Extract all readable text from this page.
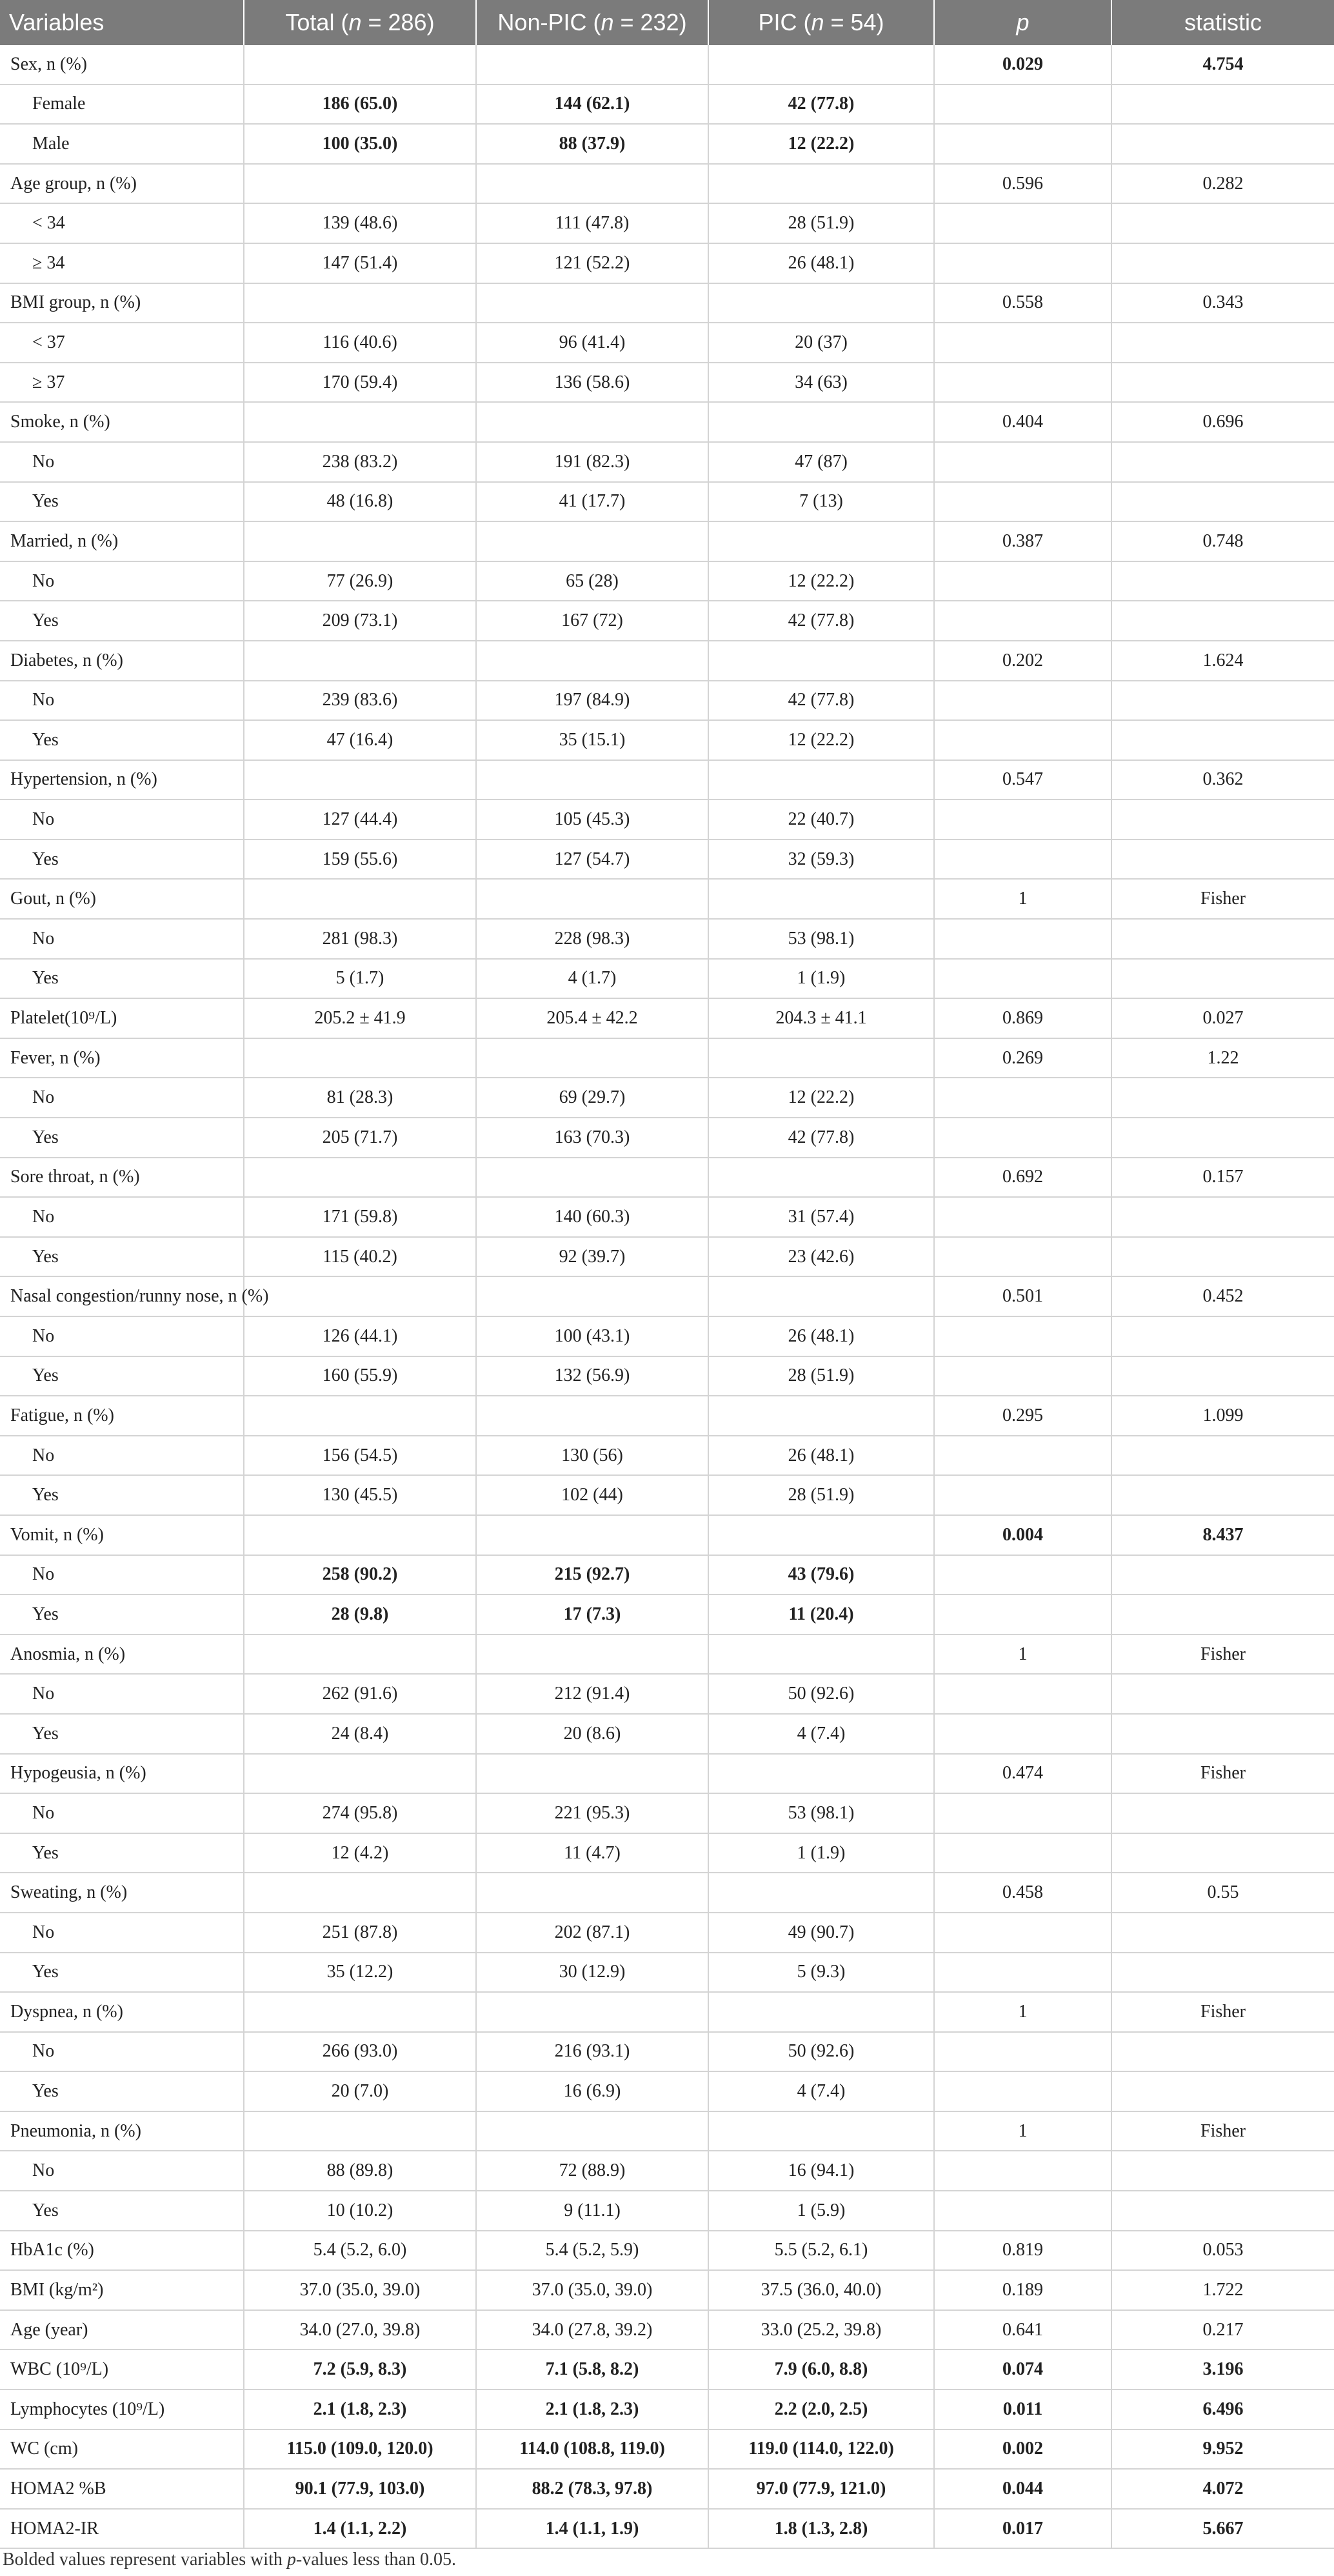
Variables	Total (n = 286)	Non-PIC (n = 232)	PIC (n = 54)	p	statistic
Sex, n (%)				0.029	4.754
Female	186 (65.0)	144 (62.1)	42 (77.8)		
Male	100 (35.0)	88 (37.9)	12 (22.2)		
Age group, n (%)				0.596	0.282
< 34	139 (48.6)	111 (47.8)	28 (51.9)		
≥ 34	147 (51.4)	121 (52.2)	26 (48.1)		
BMI group, n (%)				0.558	0.343
< 37	116 (40.6)	96 (41.4)	20 (37)		
≥ 37	170 (59.4)	136 (58.6)	34 (63)		
Smoke, n (%)				0.404	0.696
No	238 (83.2)	191 (82.3)	47 (87)		
Yes	48 (16.8)	41 (17.7)	7 (13)		
Married, n (%)				0.387	0.748
No	77 (26.9)	65 (28)	12 (22.2)		
Yes	209 (73.1)	167 (72)	42 (77.8)		
Diabetes, n (%)				0.202	1.624
No	239 (83.6)	197 (84.9)	42 (77.8)		
Yes	47 (16.4)	35 (15.1)	12 (22.2)		
Hypertension, n (%)				0.547	0.362
No	127 (44.4)	105 (45.3)	22 (40.7)		
Yes	159 (55.6)	127 (54.7)	32 (59.3)		
Gout, n (%)				1	Fisher
No	281 (98.3)	228 (98.3)	53 (98.1)		
Yes	5 (1.7)	4 (1.7)	1 (1.9)		
Platelet(10⁹/L)	205.2 ± 41.9	205.4 ± 42.2	204.3 ± 41.1	0.869	0.027
Fever, n (%)				0.269	1.22
No	81 (28.3)	69 (29.7)	12 (22.2)		
Yes	205 (71.7)	163 (70.3)	42 (77.8)		
Sore throat, n (%)				0.692	0.157
No	171 (59.8)	140 (60.3)	31 (57.4)		
Yes	115 (40.2)	92 (39.7)	23 (42.6)		
Nasal congestion/runny nose, n (%)				0.501	0.452
No	126 (44.1)	100 (43.1)	26 (48.1)		
Yes	160 (55.9)	132 (56.9)	28 (51.9)		
Fatigue, n (%)				0.295	1.099
No	156 (54.5)	130 (56)	26 (48.1)		
Yes	130 (45.5)	102 (44)	28 (51.9)		
Vomit, n (%)				0.004	8.437
No	258 (90.2)	215 (92.7)	43 (79.6)		
Yes	28 (9.8)	17 (7.3)	11 (20.4)		
Anosmia, n (%)				1	Fisher
No	262 (91.6)	212 (91.4)	50 (92.6)		
Yes	24 (8.4)	20 (8.6)	4 (7.4)		
Hypogeusia, n (%)				0.474	Fisher
No	274 (95.8)	221 (95.3)	53 (98.1)		
Yes	12 (4.2)	11 (4.7)	1 (1.9)		
Sweating, n (%)				0.458	0.55
No	251 (87.8)	202 (87.1)	49 (90.7)		
Yes	35 (12.2)	30 (12.9)	5 (9.3)		
Dyspnea, n (%)				1	Fisher
No	266 (93.0)	216 (93.1)	50 (92.6)		
Yes	20 (7.0)	16 (6.9)	4 (7.4)		
Pneumonia, n (%)				1	Fisher
No	88 (89.8)	72 (88.9)	16 (94.1)		
Yes	10 (10.2)	9 (11.1)	1 (5.9)		
HbA1c (%)	5.4 (5.2, 6.0)	5.4 (5.2, 5.9)	5.5 (5.2, 6.1)	0.819	0.053
BMI (kg/m²)	37.0 (35.0, 39.0)	37.0 (35.0, 39.0)	37.5 (36.0, 40.0)	0.189	1.722
Age (year)	34.0 (27.0, 39.8)	34.0 (27.8, 39.2)	33.0 (25.2, 39.8)	0.641	0.217
WBC (10⁹/L)	7.2 (5.9, 8.3)	7.1 (5.8, 8.2)	7.9 (6.0, 8.8)	0.074	3.196
Lymphocytes (10⁹/L)	2.1 (1.8, 2.3)	2.1 (1.8, 2.3)	2.2 (2.0, 2.5)	0.011	6.496
WC (cm)	115.0 (109.0, 120.0)	114.0 (108.8, 119.0)	119.0 (114.0, 122.0)	0.002	9.952
HOMA2 %B	90.1 (77.9, 103.0)	88.2 (78.3, 97.8)	97.0 (77.9, 121.0)	0.044	4.072
HOMA2-IR	1.4 (1.1, 2.2)	1.4 (1.1, 1.9)	1.8 (1.3, 2.8)	0.017	5.667
Bolded values represent variables with p-values less than 0.05.
